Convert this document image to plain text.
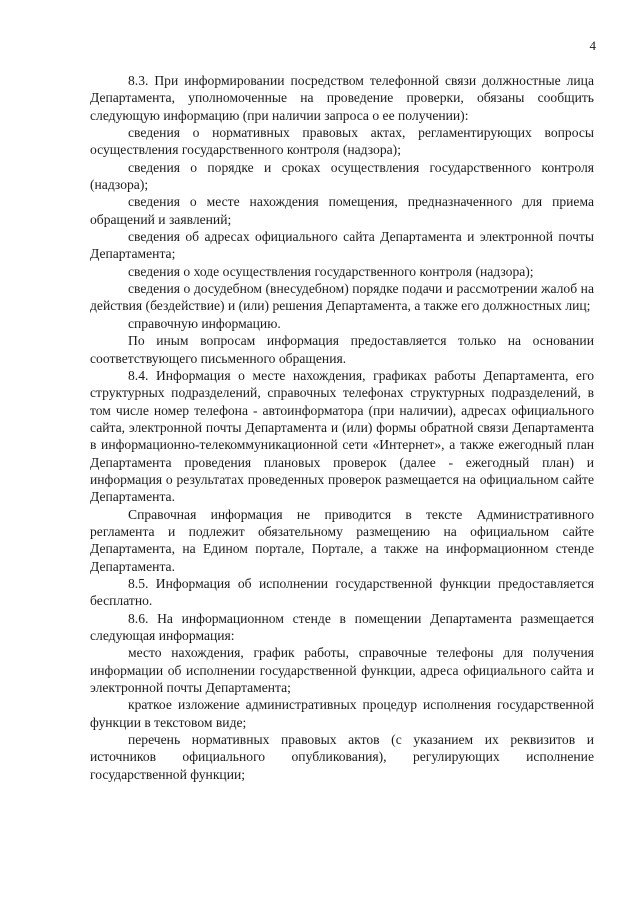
4

8.3. При информировании посредством телефонной связи должностные лица Департамента, уполномоченные на проведение проверки, обязаны сообщить следующую информацию (при наличии запроса о ее получении):

сведения о нормативных правовых актах, регламентирующих вопросы осуществления государственного контроля (надзора);

сведения о порядке и сроках осуществления государственного контроля (надзора);

сведения о месте нахождения помещения, предназначенного для приема обращений и заявлений;

сведения об адресах официального сайта Департамента и электронной почты Департамента;

сведения о ходе осуществления государственного контроля (надзора);

сведения о досудебном (внесудебном) порядке подачи и рассмотрении жалоб на действия (бездействие) и (или) решения Департамента, а также его должностных лиц;

справочную информацию.

По иным вопросам информация предоставляется только на основании соответствующего письменного обращения.

8.4. Информация о месте нахождения, графиках работы Департамента, его структурных подразделений, справочных телефонах структурных подразделений, в том числе номер телефона - автоинформатора (при наличии), адресах официального сайта, электронной почты Департамента и (или) формы обратной связи Департамента в информационно-телекоммуникационной сети «Интернет», а также ежегодный план Департамента проведения плановых проверок (далее - ежегодный план) и информация о результатах проведенных проверок размещается на официальном сайте Департамента.

Справочная информация не приводится в тексте Административного регламента и подлежит обязательному размещению на официальном сайте Департамента, на Едином портале, Портале, а также на информационном стенде Департамента.

8.5. Информация об исполнении государственной функции предоставляется бесплатно.

8.6. На информационном стенде в помещении Департамента размещается следующая информация:

место нахождения, график работы, справочные телефоны для получения информации об исполнении государственной функции, адреса официального сайта и электронной почты Департамента;

краткое изложение административных процедур исполнения государственной функции в текстовом виде;

перечень нормативных правовых актов (с указанием их реквизитов и источников официального опубликования), регулирующих исполнение государственной функции;
